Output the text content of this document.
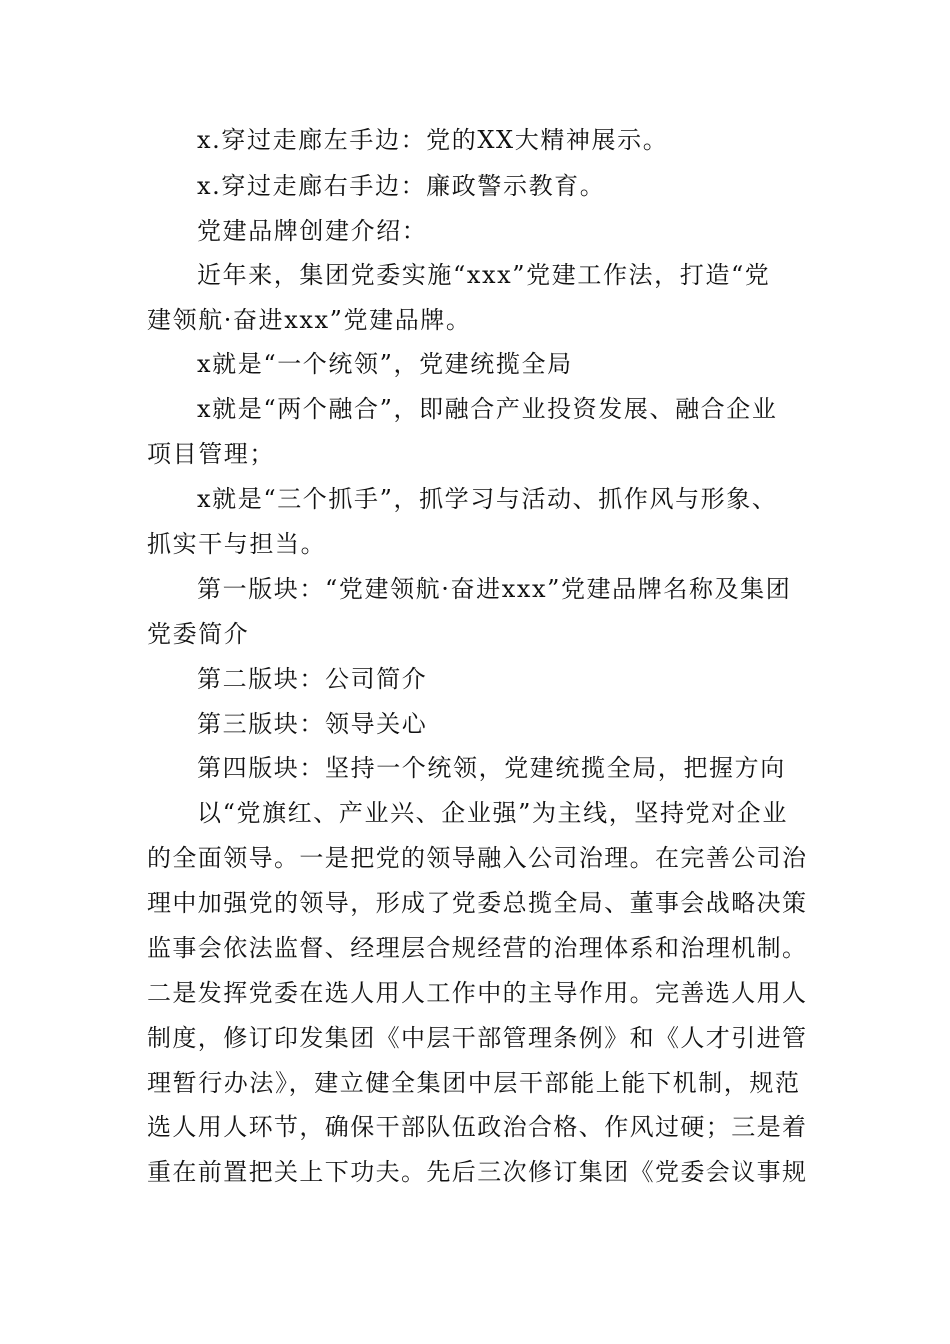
x.穿过走廊左手边：党的XX大精神展示。
x.穿过走廊右手边：廉政警示教育。
党建品牌创建介绍：
近年来，集团党委实施“xxx”党建工作法，打造“党
建领航·奋进xxx”党建品牌。
x就是“一个统领”，党建统揽全局
x就是“两个融合”，即融合产业投资发展、融合企业
项目管理；
x就是“三个抓手”，抓学习与活动、抓作风与形象、
抓实干与担当。
第一版块：“党建领航·奋进xxx”党建品牌名称及集团
党委简介
第二版块：公司简介
第三版块：领导关心
第四版块：坚持一个统领，党建统揽全局，把握方向
以“党旗红、产业兴、企业强”为主线，坚持党对企业
的全面领导。一是把党的领导融入公司治理。在完善公司治
理中加强党的领导，形成了党委总揽全局、董事会战略决策
监事会依法监督、经理层合规经营的治理体系和治理机制。
二是发挥党委在选人用人工作中的主导作用。完善选人用人
制度，修订印发集团《中层干部管理条例》和《人才引进管
理暂行办法》，建立健全集团中层干部能上能下机制，规范
选人用人环节，确保干部队伍政治合格、作风过硬；三是着
重在前置把关上下功夫。先后三次修订集团《党委会议事规
